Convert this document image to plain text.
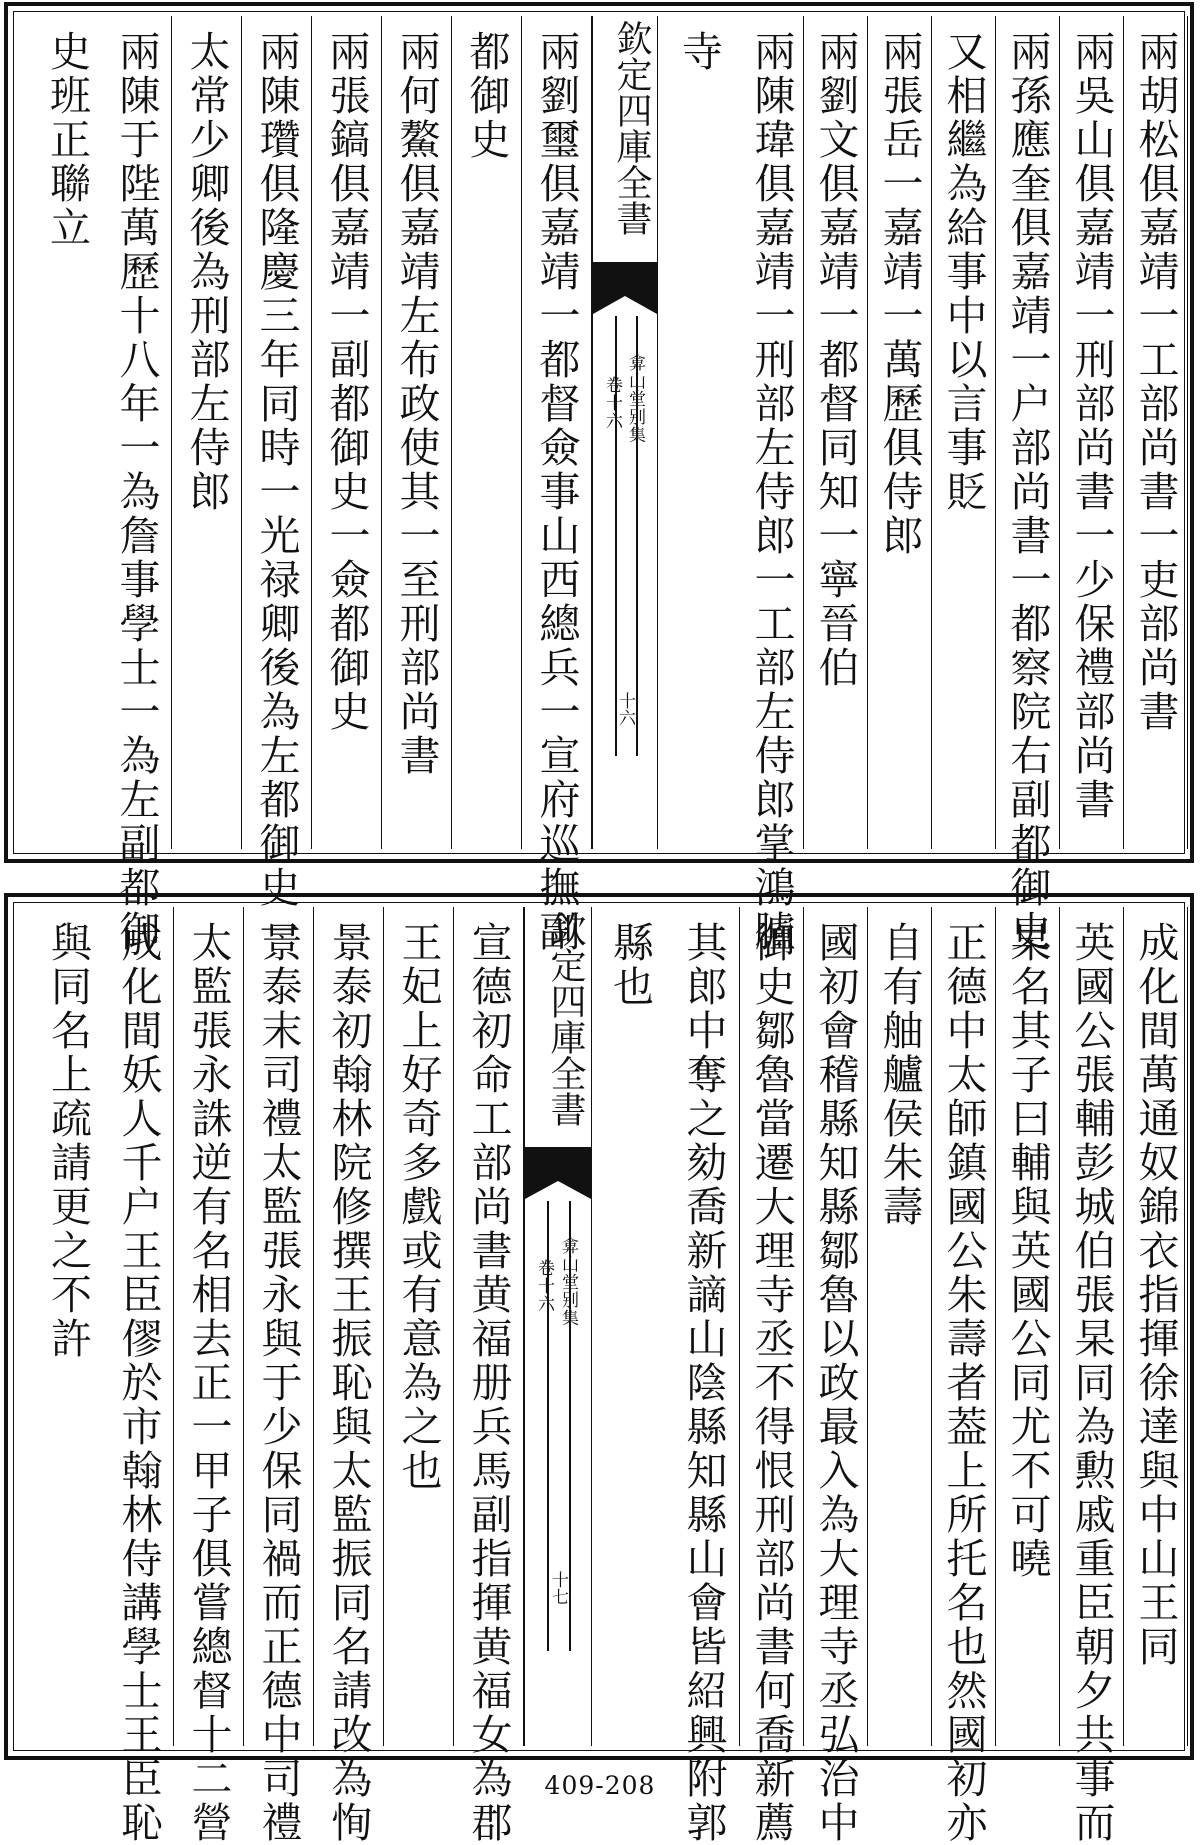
兩胡松俱嘉靖一工部尚書一吏部尚書
兩吳山俱嘉靖一刑部尚書一少保禮部尚書
兩孫應奎俱嘉靖一户部尚書一都察院右副都御史
又相繼為給事中以言事貶
兩張岳一嘉靖一萬歷俱侍郎
兩劉文俱嘉靖一都督同知一寧晉伯
兩陳瑋俱嘉靖一刑部左侍郎一工部左侍郎掌鴻臚
寺
欽定四庫全書
弇山堂别集
卷十六
十六
兩劉璽俱嘉靖一都督僉事山西總兵一宣府巡撫副
都御史
兩何鰲俱嘉靖左布政使其一至刑部尚書
兩張鎬俱嘉靖一副都御史一僉都御史
兩陳瓚俱隆慶三年同時一光禄卿後為左都御史一
太常少卿後為刑部左侍郎
兩陳于陛萬歷十八年一為詹事學士一為左副都御
史班正聯立
成化間萬通奴錦衣指揮徐達與中山王同
英國公張輔彭城伯張杲同為勲戚重臣朝夕共事而
杲名其子曰輔與英國公同尤不可曉
正德中太師鎮國公朱壽者葢上所托名也然國初亦
自有舳艫侯朱壽
國初會稽縣知縣鄒魯以政最入為大理寺丞弘治中
御史鄒魯當遷大理寺丞不得恨刑部尚書何喬新薦
其郎中奪之劾喬新謫山陰縣知縣山會皆紹興附郭
縣也
欽定四庫全書
弇山堂别集
卷十六
十七
宣德初命工部尚書黄福册兵馬副指揮黄福女為郡
王妃上好奇多戲或有意為之也
景泰初翰林院修撰王振恥與太監振同名請改為恂
景泰末司禮太監張永與于少保同禍而正德中司禮
太監張永誅逆有名相去正一甲子俱嘗總督十二營
成化間妖人千户王臣僇於市翰林侍講學士王臣恥
與同名上疏請更之不許
409-208
